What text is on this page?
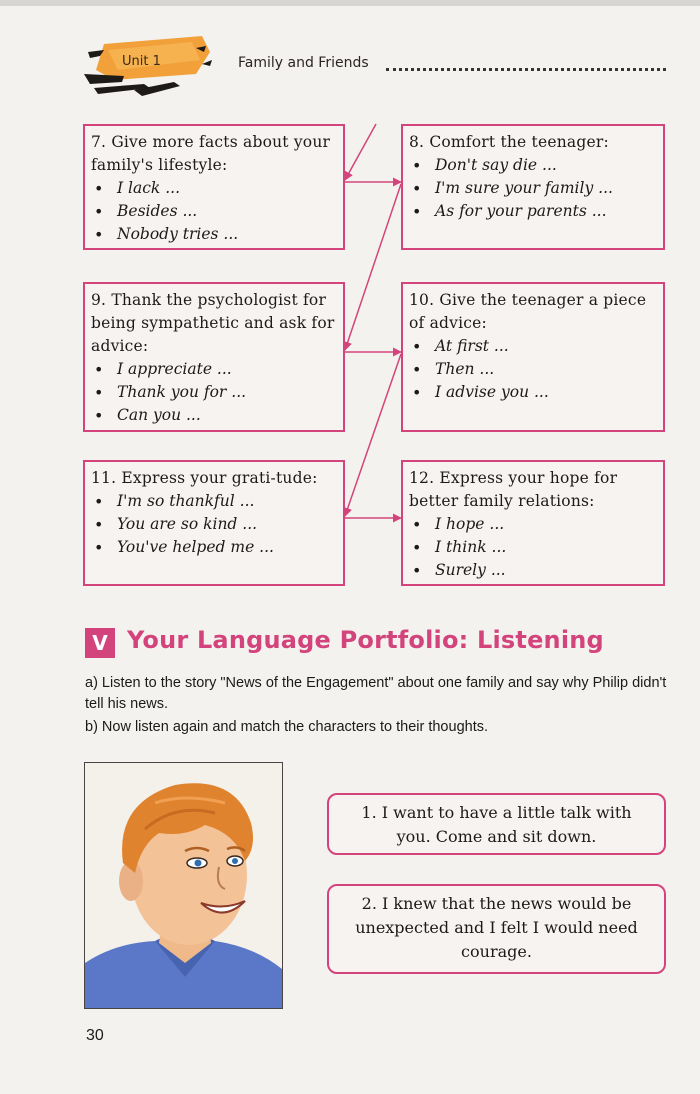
Unit 1	Family and Friends
7. Give more facts about your family's lifestyle:
• I lack ...
• Besides ...
• Nobody tries ...
8. Comfort the teenager:
• Don't say die ...
• I'm sure your family ...
• As for your parents ...
9. Thank the psychologist for being sympathetic and ask for advice:
• I appreciate ...
• Thank you for ...
• Can you ...
10. Give the teenager a piece of advice:
• At first ...
• Then ...
• I advise you ...
11. Express your grati-tude:
• I'm so thankful ...
• You are so kind ...
• You've helped me ...
12. Express your hope for better family relations:
• I hope ...
• I think ...
• Surely ...
V Your Language Portfolio: Listening
a) Listen to the story "News of the Engagement" about one family and say why Philip didn't tell his news.
b) Now listen again and match the characters to their thoughts.
1. I want to have a little talk with you. Come and sit down.
2. I knew that the news would be unexpected and I felt I would need courage.
30
